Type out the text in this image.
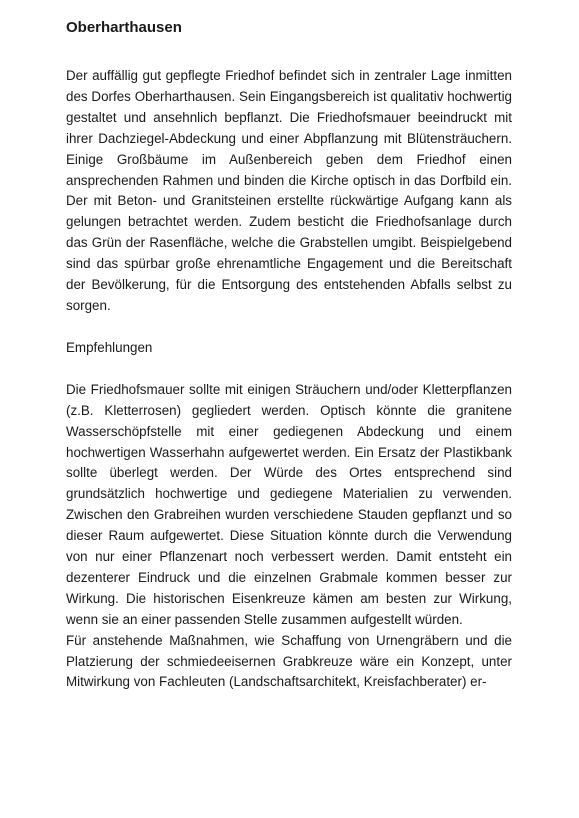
Oberharthausen

Der auffällig gut gepflegte Friedhof befindet sich in zentraler Lage inmitten des Dorfes Oberharthausen. Sein Eingangsbereich ist qualitativ hochwertig gestaltet und ansehnlich bepflanzt. Die Friedhofsmauer beeindruckt mit ihrer Dachziegel-Abdeckung und einer Abpflanzung mit Blütensträuchern. Einige Großbäume im Außenbereich geben dem Friedhof einen ansprechenden Rahmen und binden die Kirche optisch in das Dorfbild ein. Der mit Beton- und Granitsteinen erstellte rückwärtige Aufgang kann als gelungen betrachtet werden. Zudem besticht die Friedhofsanlage durch das Grün der Rasenfläche, welche die Grabstellen umgibt. Beispielgebend sind das spürbar große ehrenamtliche Engagement und die Bereitschaft der Bevölkerung, für die Entsorgung des entstehenden Abfalls selbst zu sorgen.

Empfehlungen

Die Friedhofsmauer sollte mit einigen Sträuchern und/oder Kletterpflanzen (z.B. Kletterrosen) gegliedert werden. Optisch könnte die granitene Wasserschöpfstelle mit einer gediegenen Abdeckung und einem hochwertigen Wasserhahn aufgewertet werden. Ein Ersatz der Plastikbank sollte überlegt werden. Der Würde des Ortes entsprechend sind grundsätzlich hochwertige und gediegene Materialien zu verwenden. Zwischen den Grabreihen wurden verschiedene Stauden gepflanzt und so dieser Raum aufgewertet. Diese Situation könnte durch die Verwendung von nur einer Pflanzenart noch verbessert werden. Damit entsteht ein dezenterer Eindruck und die einzelnen Grabmale kommen besser zur Wirkung. Die historischen Eisenkreuze kämen am besten zur Wirkung, wenn sie an einer passenden Stelle zusammen aufgestellt würden.

Für anstehende Maßnahmen, wie Schaffung von Urnengräbern und die Platzierung der schmiedeeisernen Grabkreuze wäre ein Konzept, unter Mitwirkung von Fachleuten (Landschaftsarchitekt, Kreisfachberater) er-
